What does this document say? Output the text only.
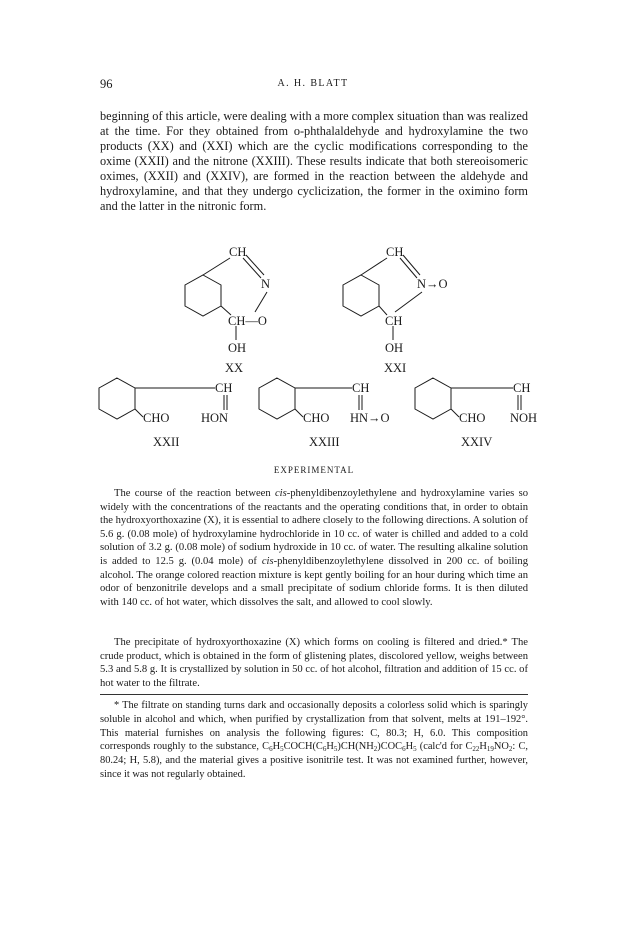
96	A. H. BLATT

beginning of this article, were dealing with a more complex situation than was realized at the time. For they obtained from o-phthalaldehyde and hydroxylamine the two products (XX) and (XXI) which are the cyclic modifications corresponding to the oxime (XXII) and the nitrone (XXIII). These results indicate that both stereoisomeric oximes, (XXII) and (XXIV), are formed in the reaction between the aldehyde and hydroxylamine, and that they undergo cyclicization, the former in the oximino form and the latter in the nitronic form.

CH
N
CH—O
OH
XX
CH
N→O
CH
OH
XXI
CH
CHO	HON
XXII
CH
CHO HN→O
XXIII
CH
CHO NOH
XXIV

EXPERIMENTAL

The course of the reaction between cis-phenyldibenzoylethylene and hydroxylamine varies so widely with the concentrations of the reactants and the operating conditions that, in order to obtain the hydroxyorthoxazine (X), it is essential to adhere closely to the following directions. A solution of 5.6 g. (0.08 mole) of hydroxylamine hydrochloride in 10 cc. of water is chilled and added to a cold solution of 3.2 g. (0.08 mole) of sodium hydroxide in 10 cc. of water. The resulting alkaline solution is added to 12.5 g. (0.04 mole) of cis-phenyldibenzoylethylene dissolved in 200 cc. of boiling alcohol. The orange colored reaction mixture is kept gently boiling for an hour during which time an odor of benzonitrile develops and a small precipitate of sodium chloride forms. It is then diluted with 140 cc. of hot water, which dissolves the salt, and allowed to cool slowly.

The precipitate of hydroxyorthoxazine (X) which forms on cooling is filtered and dried.* The crude product, which is obtained in the form of glistening plates, discolored yellow, weighs between 5.3 and 5.8 g. It is crystallized by solution in 50 cc. of hot alcohol, filtration and addition of 15 cc. of hot water to the filtrate.

* The filtrate on standing turns dark and occasionally deposits a colorless solid which is sparingly soluble in alcohol and which, when purified by crystallization from that solvent, melts at 191–192°. This material furnishes on analysis the following figures: C, 80.3; H, 6.0. This composition corresponds roughly to the substance, $C_6H_5COCH(C_6H_5)CH(NH_2)COC_6H_5$ (calc'd for $C_{22}H_{19}NO_2$: C, 80.24; H, 5.8), and the material gives a positive isonitrile test. It was not examined further, however, since it was not regularly obtained.
